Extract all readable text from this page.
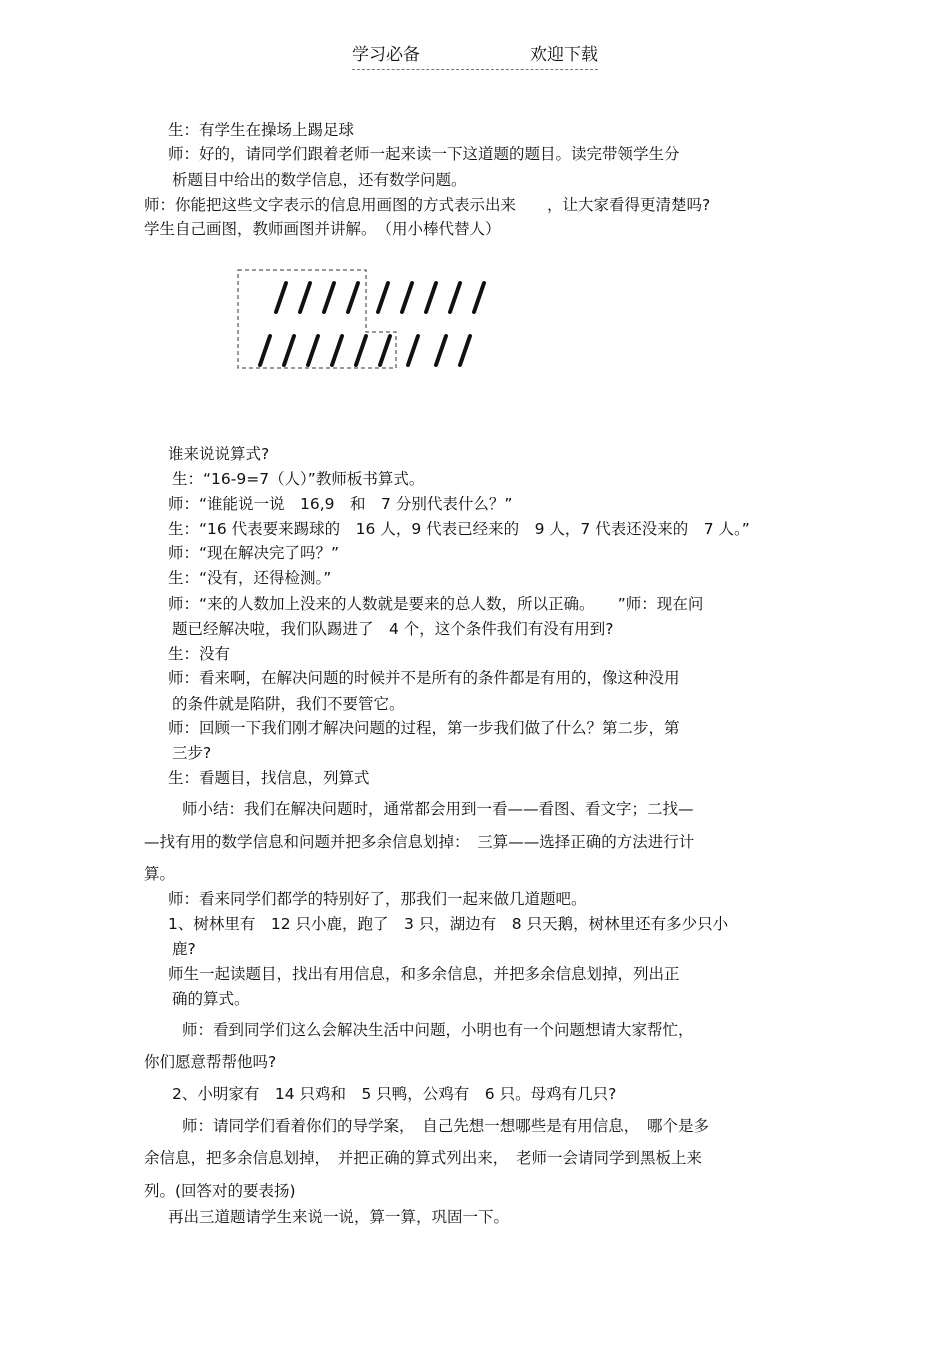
学习必备	欢迎下载
生：有学生在操场上踢足球
师：好的，请同学们跟着老师一起来读一下这道题的题目。读完带领学生分
析题目中给出的数学信息，还有数学问题。
师：你能把这些文字表示的信息用画图的方式表示出来　　，让大家看得更清楚吗?
学生自己画图，教师画图并讲解。　（用小棒代替人）
谁来说说算式?
生：“16-9=7（人）”教师板书算式。
师：“谁能说一说　16,9　和　7 分别代表什么？”
生：“16 代表要来踢球的　16 人，9 代表已经来的　9 人，7 代表还没来的　7 人。”
师：“现在解决完了吗？”
生：“没有，还得检测。”
师：“来的人数加上没来的人数就是要来的总人数，所以正确。　　”师：现在问
题已经解决啦，我们队踢进了　4 个，这个条件我们有没有用到?
生：没有
师：看来啊，在解决问题的时候并不是所有的条件都是有用的，像这种没用
的条件就是陷阱，我们不要管它。
师：回顾一下我们刚才解决问题的过程，第一步我们做了什么？第二步，第
三步?
生：看题目，找信息，列算式
师小结：我们在解决问题时，通常都会用到一看——看图、看文字；二找—
—找有用的数学信息和问题并把多余信息划掉：　三算——选择正确的方法进行计
算。
师：看来同学们都学的特别好了，那我们一起来做几道题吧。
1、树林里有　12 只小鹿，跑了　3 只，湖边有　8 只天鹅，树林里还有多少只小
鹿?
师生一起读题目，找出有用信息，和多余信息，并把多余信息划掉，列出正
确的算式。
师：看到同学们这么会解决生活中问题，小明也有一个问题想请大家帮忙，
你们愿意帮帮他吗?
2、小明家有　14 只鸡和　5 只鸭，公鸡有　6 只。母鸡有几只?
师：请同学们看着你们的导学案，　自己先想一想哪些是有用信息，　哪个是多
余信息，把多余信息划掉，　并把正确的算式列出来，　老师一会请同学到黑板上来
列。(回答对的要表扬)
再出三道题请学生来说一说，算一算，巩固一下。
